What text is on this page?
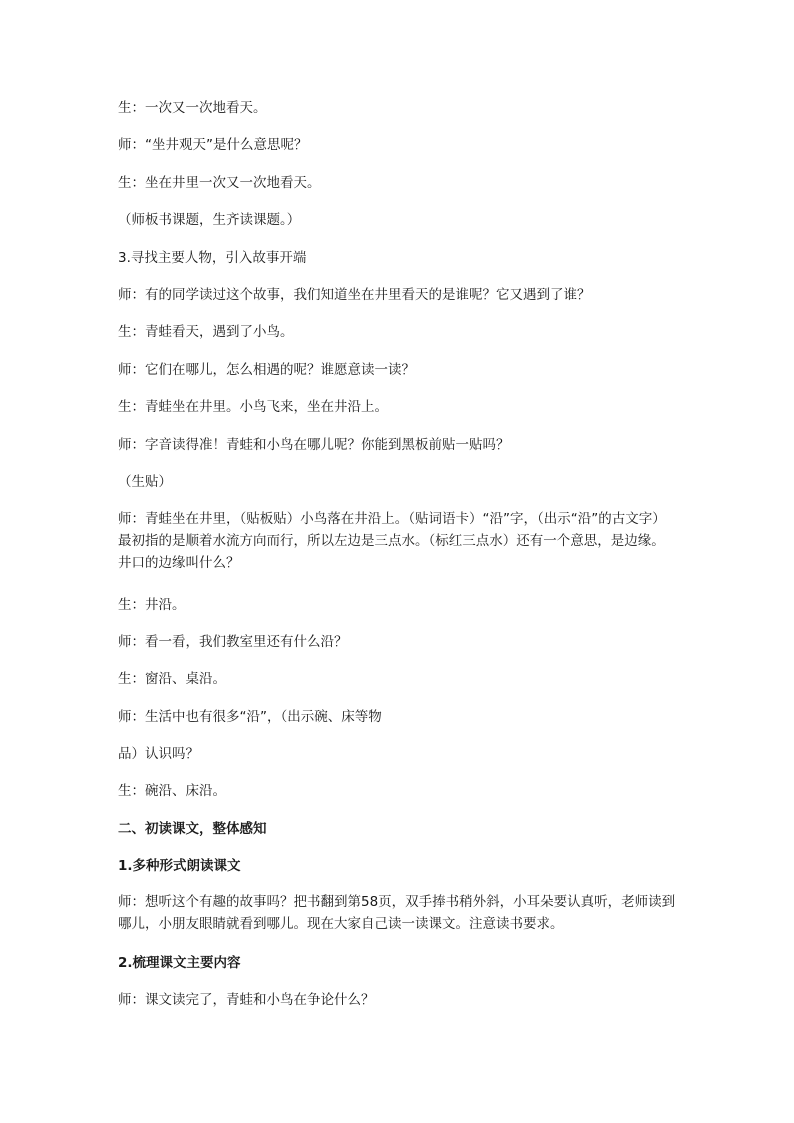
生：一次又一次地看天。
师：“坐井观天”是什么意思呢？
生：坐在井里一次又一次地看天。
（师板书课题，生齐读课题。）
3.寻找主要人物，引入故事开端
师：有的同学读过这个故事，我们知道坐在井里看天的是谁呢？它又遇到了谁？
生：青蛙看天，遇到了小鸟。
师：它们在哪儿，怎么相遇的呢？谁愿意读一读？
生：青蛙坐在井里。小鸟飞来，坐在井沿上。
师：字音读得准！青蛙和小鸟在哪儿呢？你能到黑板前贴一贴吗？
（生贴）
师：青蛙坐在井里，（贴板贴）小鸟落在井沿上。（贴词语卡）“沿”字，（出示“沿”的古文字）最初指的是顺着水流方向而行，所以左边是三点水。（标红三点水）还有一个意思，是边缘。井口的边缘叫什么？
生：井沿。
师：看一看，我们教室里还有什么沿？
生：窗沿、桌沿。
师：生活中也有很多“沿”，（出示碗、床等物
品）认识吗？
生：碗沿、床沿。
二、初读课文，整体感知
1.多种形式朗读课文
师：想听这个有趣的故事吗？把书翻到第58页，双手捧书稍外斜，小耳朵要认真听，老师读到哪儿，小朋友眼睛就看到哪儿。现在大家自己读一读课文。注意读书要求。
2.梳理课文主要内容
师：课文读完了，青蛙和小鸟在争论什么？
